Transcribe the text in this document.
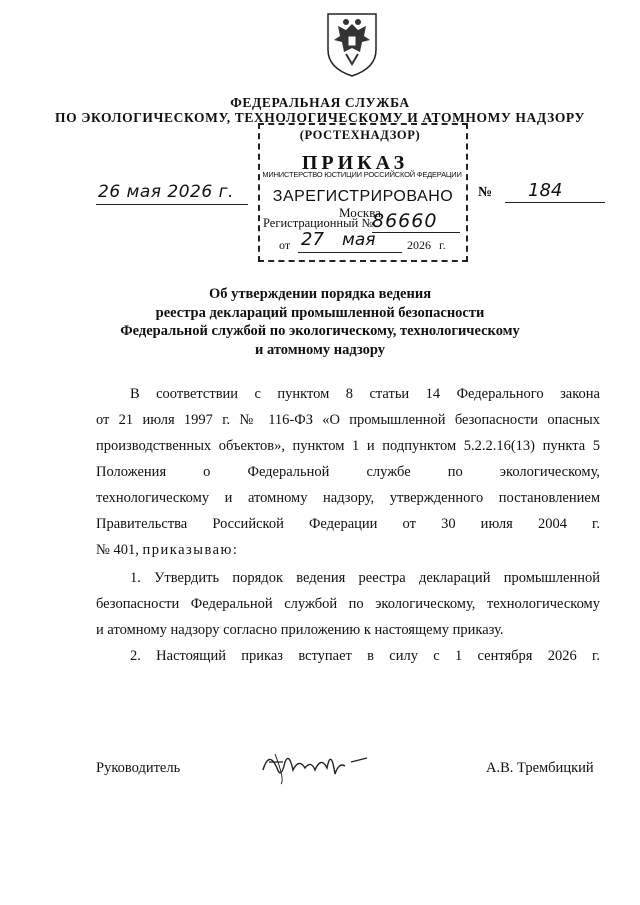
ФЕДЕРАЛЬНАЯ СЛУЖБА
ПО ЭКОЛОГИЧЕСКОМУ, ТЕХНОЛОГИЧЕСКОМУ И АТОМНОМУ НАДЗОРУ
(РОСТЕХНАДЗОР)
ПРИКАЗ
МИНИСТЕРСТВО ЮСТИЦИИ РОССИЙСКОЙ ФЕДЕРАЦИИ
ЗАРЕГИСТРИРОВАНО
Москва
Регистрационный №
86660
от 27 мая	2026 г.
26 мая 2026 г.	№ 184
Об утверждении порядка ведения
реестра деклараций промышленной безопасности
Федеральной службой по экологическому, технологическому
и атомному надзору
В соответствии с пунктом 8 статьи 14 Федерального закона
от 21 июля 1997 г. № 116-ФЗ «О промышленной безопасности опасных
производственных объектов», пунктом 1 и подпунктом 5.2.2.16(13) пункта 5
Положения о Федеральной службе по экологическому,
технологическому и атомному надзору, утвержденного постановлением
Правительства Российской Федерации от 30 июля 2004 г.
№ 401, приказываю:
1. Утвердить порядок ведения реестра деклараций промышленной
безопасности Федеральной службой по экологическому, технологическому
и атомному надзору согласно приложению к настоящему приказу.
2. Настоящий приказ вступает в силу с 1 сентября 2026 г.
Руководитель	А.В. Трембицкий
